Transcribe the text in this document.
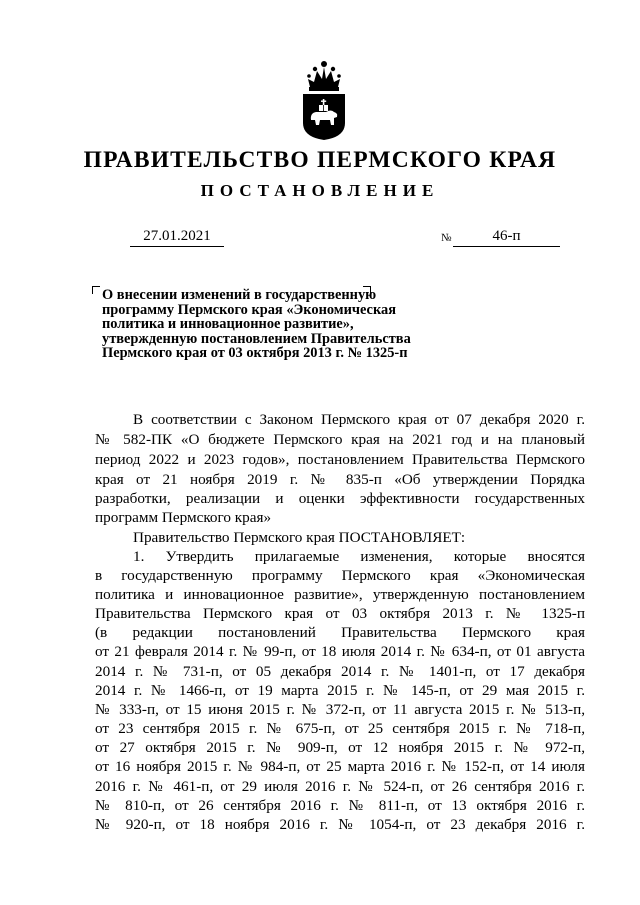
ПРАВИТЕЛЬСТВО ПЕРМСКОГО КРАЯ
ПОСТАНОВЛЕНИЕ
27.01.2021	№	46-п
О внесении изменений в государственную
программу Пермского края «Экономическая
политика и инновационное развитие»,
утвержденную постановлением Правительства
Пермского края от 03 октября 2013 г. № 1325-п
В соответствии с Законом Пермского края от 07 декабря 2020 г.
№ 582-ПК «О бюджете Пермского края на 2021 год и на плановый
период 2022 и 2023 годов», постановлением Правительства Пермского
края от 21 ноября 2019 г. № 835-п «Об утверждении Порядка
разработки, реализации и оценки эффективности государственных
программ Пермского края»
Правительство Пермского края ПОСТАНОВЛЯЕТ:
1. Утвердить прилагаемые изменения, которые вносятся
в государственную программу Пермского края «Экономическая
политика и инновационное развитие», утвержденную постановлением
Правительства Пермского края от 03 октября 2013 г. № 1325-п
(в редакции постановлений Правительства Пермского края
от 21 февраля 2014 г. № 99-п, от 18 июля 2014 г. № 634-п, от 01 августа
2014 г. № 731-п, от 05 декабря 2014 г. № 1401-п, от 17 декабря
2014 г. № 1466-п, от 19 марта 2015 г. № 145-п, от 29 мая 2015 г.
№ 333-п, от 15 июня 2015 г. № 372-п, от 11 августа 2015 г. № 513-п,
от 23 сентября 2015 г. № 675-п, от 25 сентября 2015 г. № 718-п,
от 27 октября 2015 г. № 909-п, от 12 ноября 2015 г. № 972-п,
от 16 ноября 2015 г. № 984-п, от 25 марта 2016 г. № 152-п, от 14 июля
2016 г. № 461-п, от 29 июля 2016 г. № 524-п, от 26 сентября 2016 г.
№ 810-п, от 26 сентября 2016 г. № 811-п, от 13 октября 2016 г.
№ 920-п, от 18 ноября 2016 г. № 1054-п, от 23 декабря 2016 г.
